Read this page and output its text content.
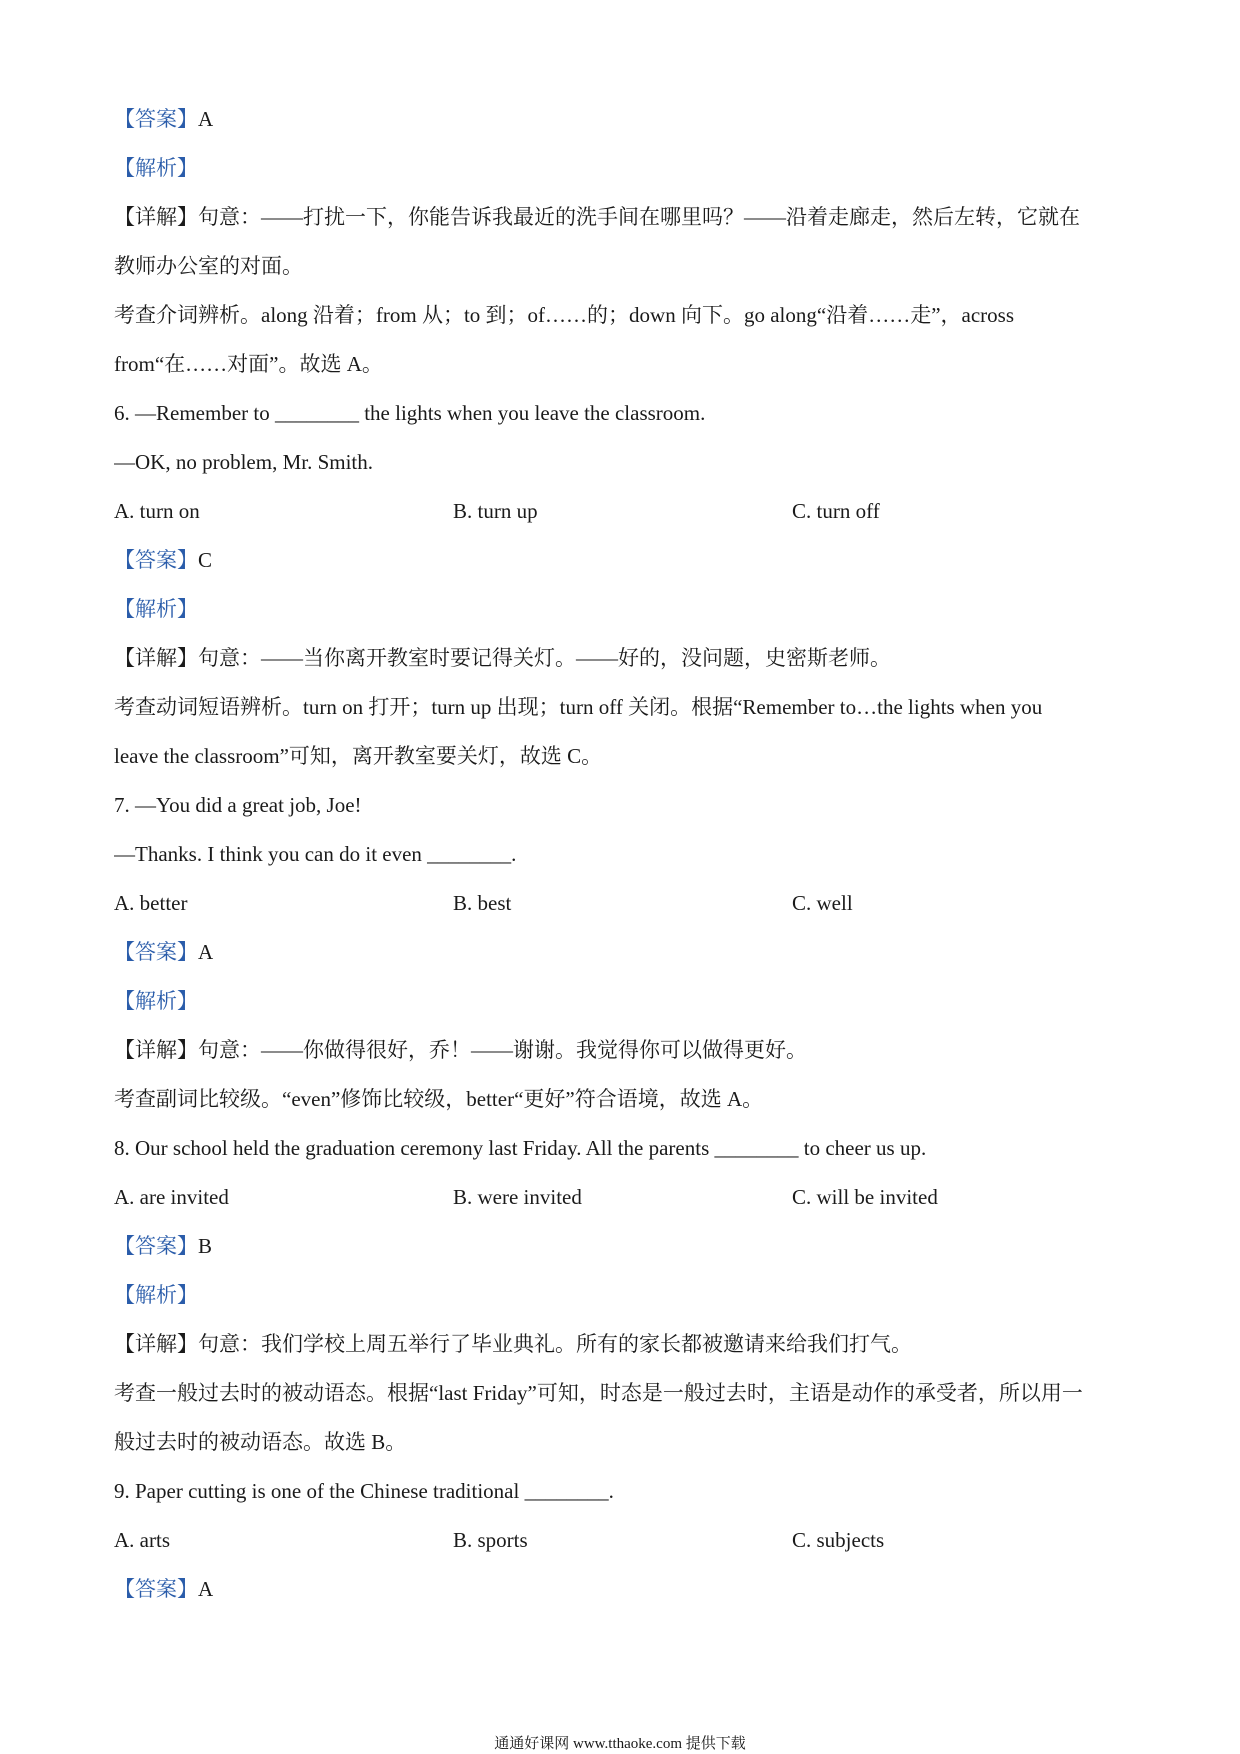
【答案】A
【解析】
【详解】句意：——打扰一下，你能告诉我最近的洗手间在哪里吗？——沿着走廊走，然后左转，它就在
教师办公室的对面。
考查介词辨析。along 沿着；from 从；to 到；of……的；down 向下。go along“沿着……走”，across
from“在……对面”。故选 A。
6. —Remember to ________ the lights when you leave the classroom.
—OK, no problem, Mr. Smith.
A. turn on	B. turn up	C. turn off
【答案】C
【解析】
【详解】句意：——当你离开教室时要记得关灯。——好的，没问题，史密斯老师。
考查动词短语辨析。turn on 打开；turn up 出现；turn off 关闭。根据“Remember to…the lights when you
leave the classroom”可知，离开教室要关灯，故选 C。
7. —You did a great job, Joe!
—Thanks. I think you can do it even ________.
A. better	B. best	C. well
【答案】A
【解析】
【详解】句意：——你做得很好，乔！——谢谢。我觉得你可以做得更好。
考查副词比较级。“even”修饰比较级，better“更好”符合语境，故选 A。
8. Our school held the graduation ceremony last Friday. All the parents ________ to cheer us up.
A. are invited	B. were invited	C. will be invited
【答案】B
【解析】
【详解】句意：我们学校上周五举行了毕业典礼。所有的家长都被邀请来给我们打气。
考查一般过去时的被动语态。根据“last Friday”可知，时态是一般过去时，主语是动作的承受者，所以用一
般过去时的被动语态。故选 B。
9. Paper cutting is one of the Chinese traditional ________.
A. arts	B. sports	C. subjects
【答案】A
通通好课网 www.tthaoke.com 提供下载
